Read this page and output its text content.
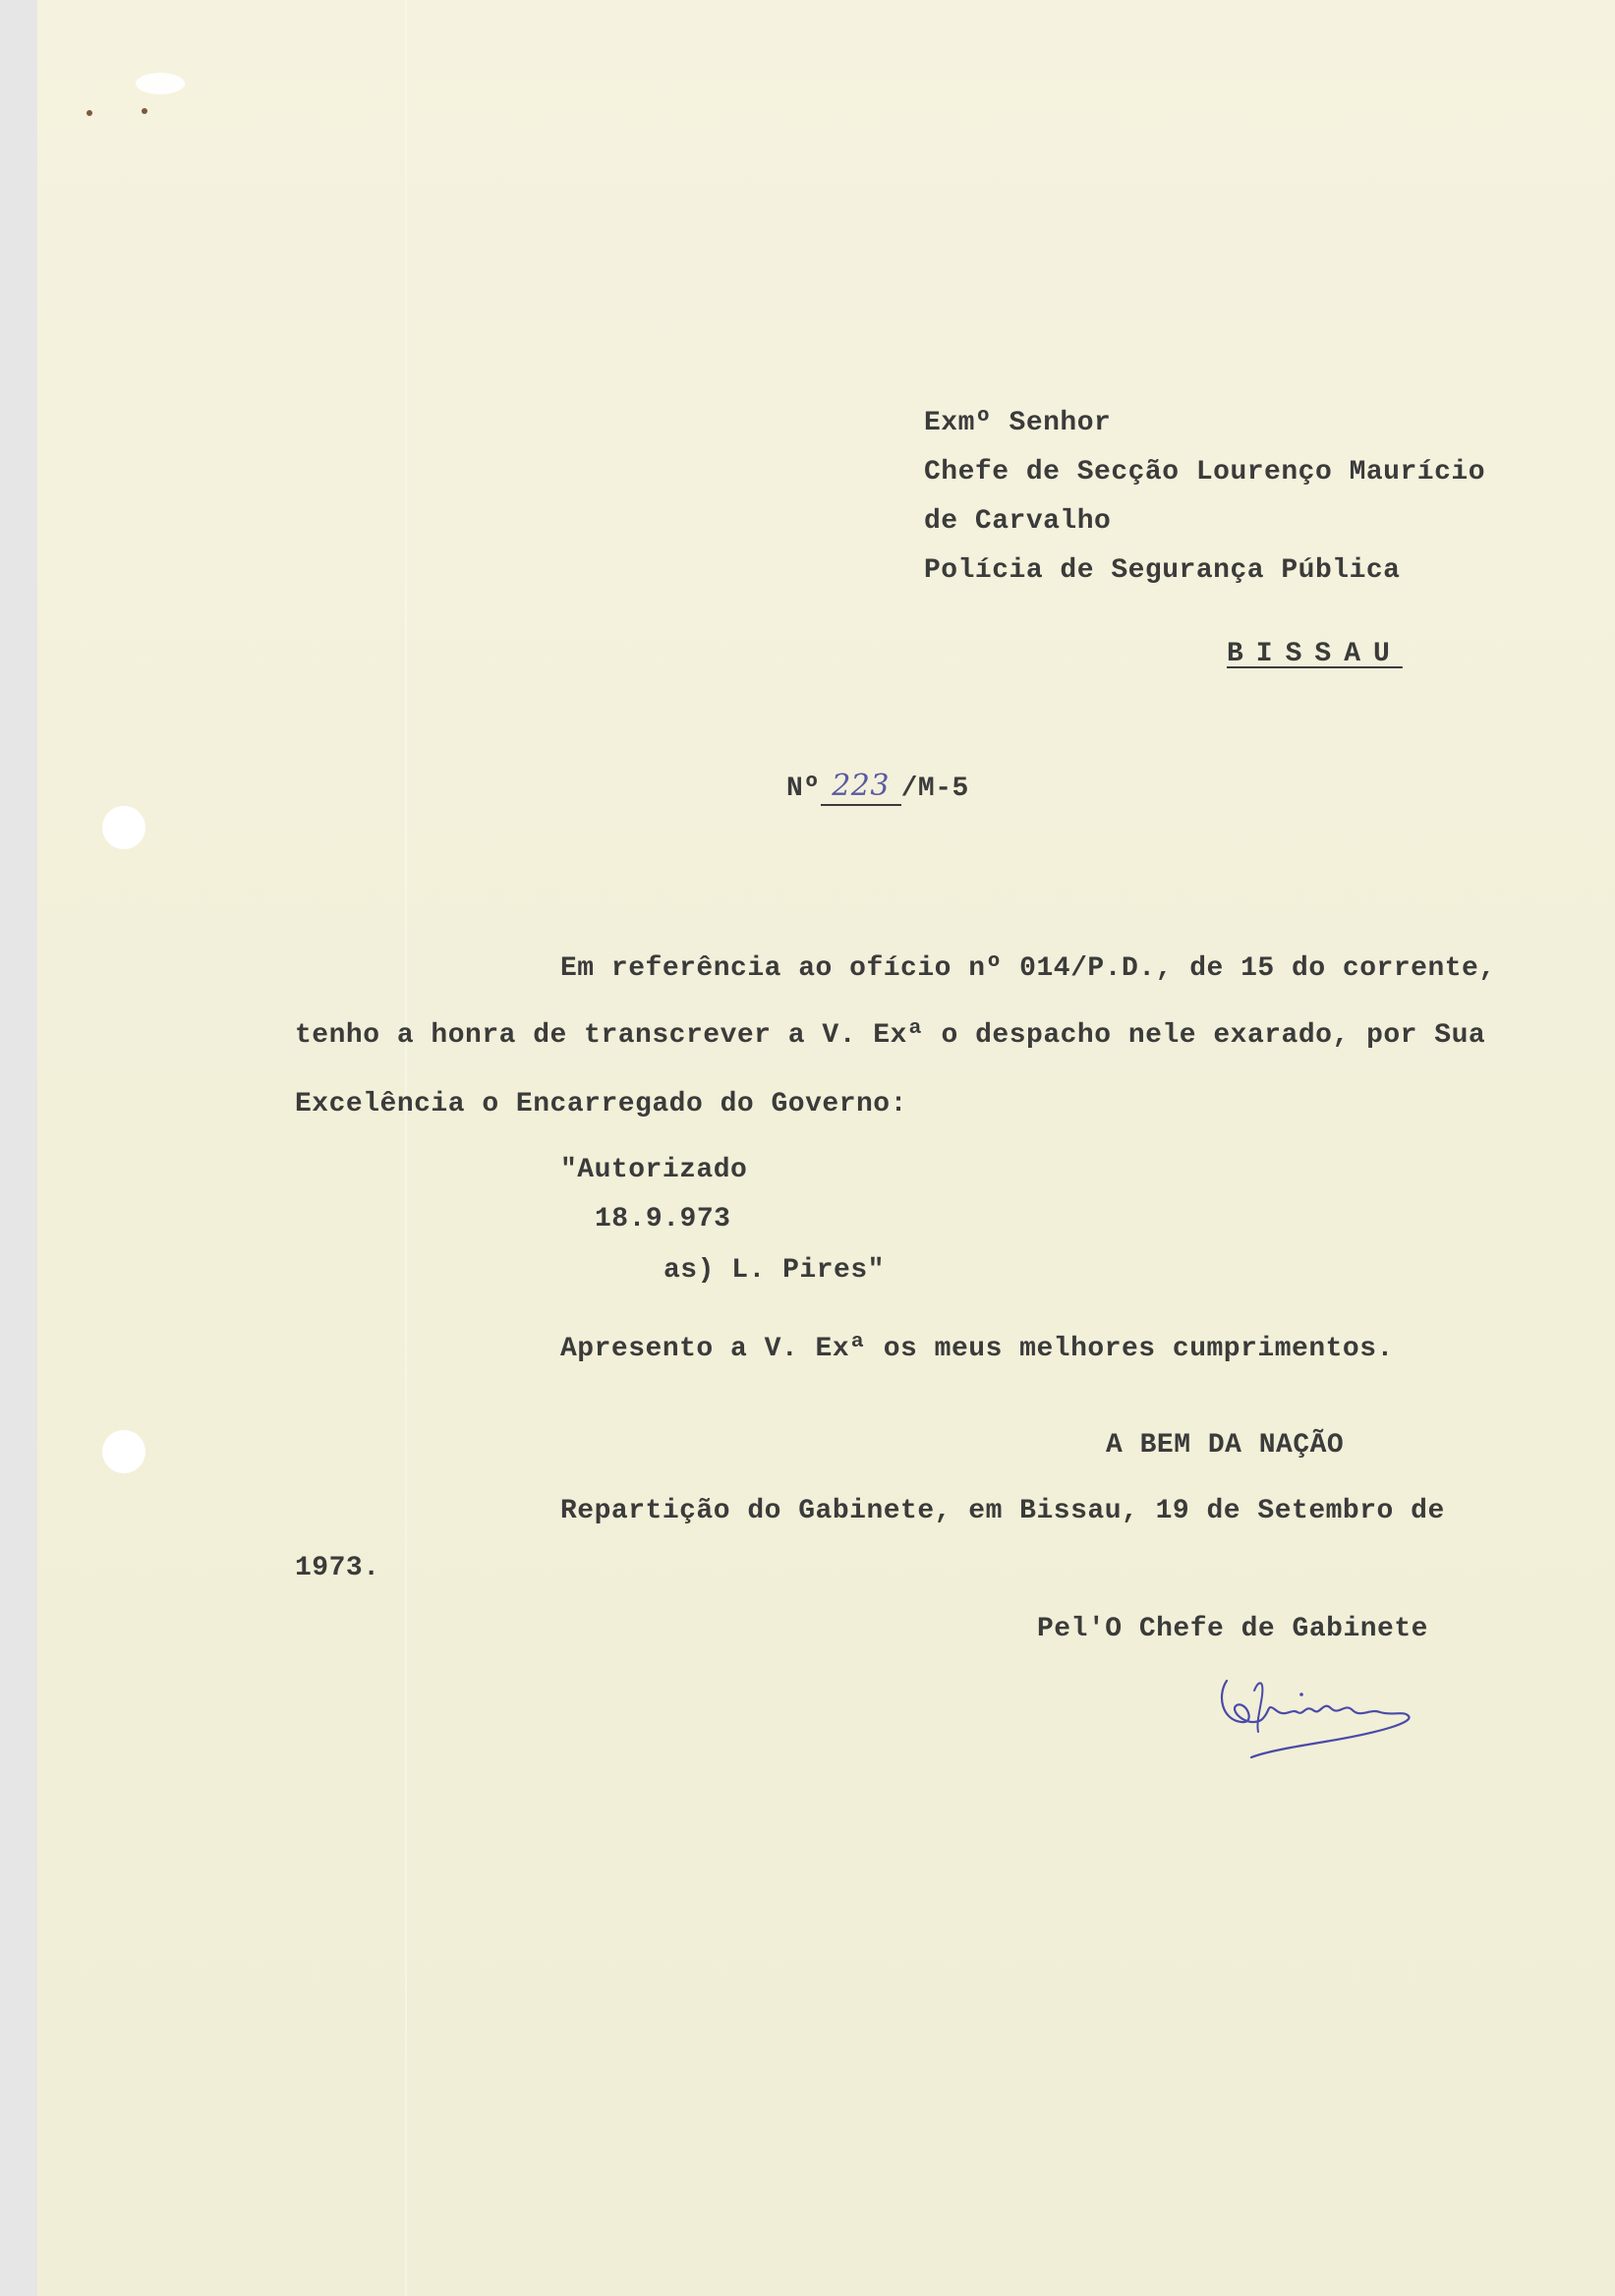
Exmº Senhor
Chefe de Secção Lourenço Maurício
de Carvalho
Polícia de Segurança Pública
BISSAU
Nº 223 /M-5
Em referência ao ofício nº 014/P.D., de 15 do corrente,
tenho a honra de transcrever a V. Exª o despacho nele exarado, por Sua
Excelência o Encarregado do Governo:
"Autorizado
18.9.973
as) L. Pires"
Apresento a V. Exª os meus melhores cumprimentos.
A BEM DA NAÇÃO
Repartição do Gabinete, em Bissau, 19 de Setembro de
1973.
Pel'O Chefe de Gabinete
